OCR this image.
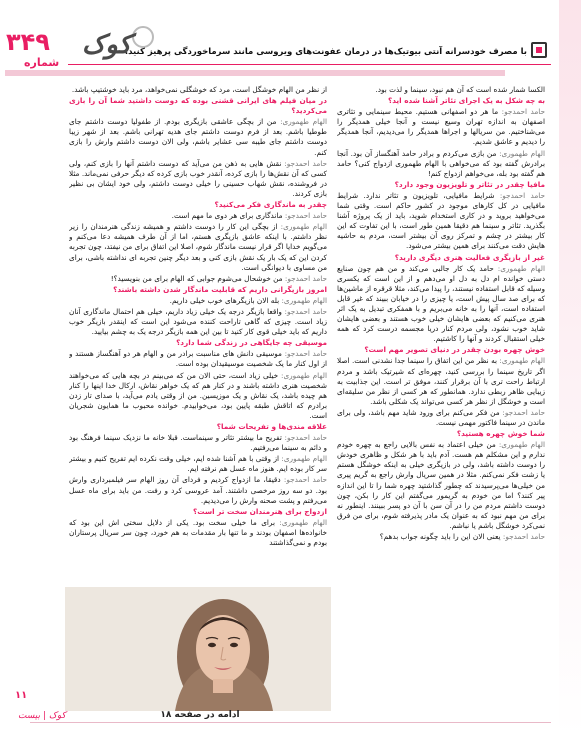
۳۴۹
شماره
کوک
با مصرف خودسرانه آنتی بیوتیک‌ها در درمان عفونت‌های ویروسی مانند سرماخوردگی پرهیز کنید.

الکسا شمار شده است که آن هم نبود، سینما و لذت بود.

به چه شکل به یک اجرای تئاتر آشنا شده اید؟

حامد احمدجو: ما هر دو اصفهانی هستیم. محیط سینمایی و تئاتری اصفهان به اندازه تهران وسیع نیست و آنجا خیلی همدیگر را می‌شناختیم. من سریالها و اجراها همدیگر را می‌دیدیم، آنجا همدیگر را دیدیم و عاشق شدیم.

الهام طهموری: من بازی می‌کردم و برادر حامد آهنگساز آن بود. آنجا برادرش گفته بود که می‌خواهی با الهام طهموری ازدواج کنی؟ حامد هم گفته بود بله، می‌خواهم ازدواج کنم!

مافیا چقدر در تئاتر و تلویزیون وجود دارد؟

حامد احمدجو: شرایط مافیایی، تلویزیون و تئاتر ندارد. شرایط مافیایی در کل کارهای موجود در کشور حاکم است. وقتی شما می‌خواهید بروید و در کاری استخدام شوید، باید از یک پروژه آشنا بگذرید. تئاتر و سینما هم دقیقا همین طور است، با این تفاوت که این کار بیشتر در چشم و تمرکز روی آن بیشتر است، مردم به حاشیه هایش دقت می‌کنند برای همین بیشتر می‌شود.

غیر از بازیگری فعالیت هنری دیگری دارید؟

الهام طهموری: حامد یک کار جالبی می‌کند و من هم چون صنایع دستی خوانده ام دل به دل او می‌دهم و از این است که یکسری وسیله که قابل استفاده نیستند، را پیدا می‌کند، مثلا قرقره از ماشین‌ها که برای صد سال پیش است، یا چیزی را در خیابان ببیند که غیر قابل استفاده است، آنها را به خانه می‌بریم و با همفکری تبدیل به یک اثر هنری می‌کنیم که بعضی هایشان خیلی خوب هستند و بعضی هایشان شاید خوب نشود، ولی مردم کنار دریا مجسمه درست کرد که همه خیلی استقبال کردند و آنها را کاشتیم.

خوش چهره بودن چقدر در دنیای تصویر مهم است؟

الهام طهموری: به نظر من این اتفاق را سینما جدا نشدنی است. اصلا اگر تاریخ سینما را بررسی کنید، چهره‌ای که شیرتیک باشد و مردم ارتباط راحت تری با آن برقرار کنند، موفق تر است. این جذابیت به زیبایی ظاهر ربطی ندارد. همانطور که هر کسی از نظر من سلیقه‌ای است و خوشگل از نظر هر کسی می‌تواند یک شکلی باشد.

حامد احمدجو: من فکر می‌کنم برای ورود شاید مهم باشد، ولی برای ماندن در سینما فاکتور مهمی نیست.

شما خوش چهره هستید؟

الهام طهموری: من خیلی اعتماد به نفس بالایی راجع به چهره خودم ندارم و این مشکلم هم هست. آدم باید با هر شکل و ظاهری خودش را دوست داشته باشد، ولی در بازیگری خیلی به اینکه خوشگل هستم یا زشت فکر نمی‌کنم. مثلا در همین سریال وارش راجع به گریم پیری من خیلی‌ها می‌پرسیدند که چطور گذاشتید چهره شما را تا این اندازه پیر کنند؟ اما من خودم به گریمور می‌گفتم این کار را بکن، چون دوست داشتم مردم من را در آن سن با آن دو پسر ببینند. اینطور نه برای من مهم نبود که به عنوان یک مادر پذیرفته شوم، برای من فرق نمی‌کرد خوشگل باشم یا نباشم.

حامد احمدجو: یعنی الان این را باید چگونه جواب بدهم؟

از نظر من الهام خوشگل است، مرد که خوشگلی نمی‌خواهد، مرد باید خوشتیپ باشد.

در میان فیلم های ایرانی قشنی بوده که دوست داشتید شما آن را بازی می‌کردید؟

الهام طهموری: من از بچگی عاشقی بازیگری بودم. از طفولیا دوست داشتم جای طوطیا باشم. بعد از فرم دوست داشتم جای هدیه تهرانی باشم. بعد از شهر زیبا دوست داشتم جای طیبه سی عشایر باشم، ولی الان دوست داشتم وارش را بازی کنم.

حامد احمدجو: نقش هایی به ذهن من می‌آید که دوست داشتم آنها را بازی کنم، ولی کسی که آن نقش‌ها را بازی کرده، آنقدر خوب بازی کرده که دیگر حرفی نمی‌ماند. مثلا در فروشنده، نقش شهاب حسینی را خیلی دوست داشتم، ولی خود ایشان بی نظیر بازی کردند.

چقدر به ماندگاری فکر می‌کنید؟

حامد احمدجو: ماندگاری برای هر دوی ما مهم است.

الهام طهموری: از بچگی این کار را دوست داشتم و همیشه زندگی هنرمندان را زیر نظر داشتم. با اینکه عاشق بازیگری هستم، اما از آن طرف همیشه دعا می‌کنم و می‌گویم خدایا اگر قرار نیست ماندگار شوم، اصلا این اتفاق برای من نیفتد، چون تجربه کردن این که یک بار یک نقش بازی کنی و بعد دیگر چنین تجربه ای نداشته باشی، برای من مساوی با دیوانگی است.

حامد احمدجو: من خوشحال می‌شوم جوابی که الهام برای من بنویسید؟!

امروز بازیگرانی داریم که قابلیت ماندگار شدن داشته باشند؟

الهام طهموری: بله الان بازیگرهای خوب خیلی داریم.

حامد احمدجو: واقعا بازیگر درجه یک خیلی زیاد داریم، خیلی هم احتمال ماندگاری آنان زیاد است. چیزی که گاهی تاراحت کننده می‌شود این است که اینقدر بازیگر خوب داریم که باید خیلی قوی کار کنید تا بین این همه بازیگر درجه یک به چشم بیایید.

موسیقی چه جایگاهی در زندگی شما دارد؟

حامد احمدجو: موسیقی دانش های مناسبت برادر من و الهام هر دو آهنگساز هستند و از اول کنار ما یک شخصیت موسیقیدان بوده است.

الهام طهموری: خیلی زیاد است، حتی الان من که می‌بینم در بچه هایی که می‌خواهند شخصیت هنری داشته باشند و در کنار هم که یک خواهر نقاش، ارکال خدا اینها را کنار هم چیده باشد، یک نقاش و یک موزیسین. من از وقتی یادم می‌آید، با صدای تار زدن برادرم که اتاقش طبقه پایین بود، می‌خوابیدم. خوانده محبوب ما همایون شجریان است.

علاقه مندی‌ها و تفریحات شما؟

حامد احمدجو: تفریح ما بیشتر تئاتر و سینماست. قبلا خانه ما نزدیک سینما فرهنگ بود و دائم به سینما می‌رفتیم.

الهام طهموری: از وقتی با هم آشنا شده ایم، خیلی وقت نکرده ایم تفریح کنیم و بیشتر سر کار بوده ایم. هنوز ماه عسل هم نرفته ایم.

حامد احمدجو: دقیقا، ما ازدواج کردیم و فردای آن روز الهام سر فیلمبرداری وارش بود. دو سه روز مرخصی داشتند. آمد عروسی کرد و رفت. من باید برای ماه عسل می‌رفتم و پشت صحنه وارش را می‌دیدیم.

ازدواج برای هنرمندان سخت تر است؟

الهام طهموری: برای ما خیلی سخت بود. یکی از دلایل سختی اش این بود که خانواده‌ها اصفهان بودند و ما تنها بار مقدمات به هم خورد، چون سر سریال پرستاران بودم و نمی‌گذاشتند

ادامه در صفحه ۱۸
۱۱
کوک | بیست
